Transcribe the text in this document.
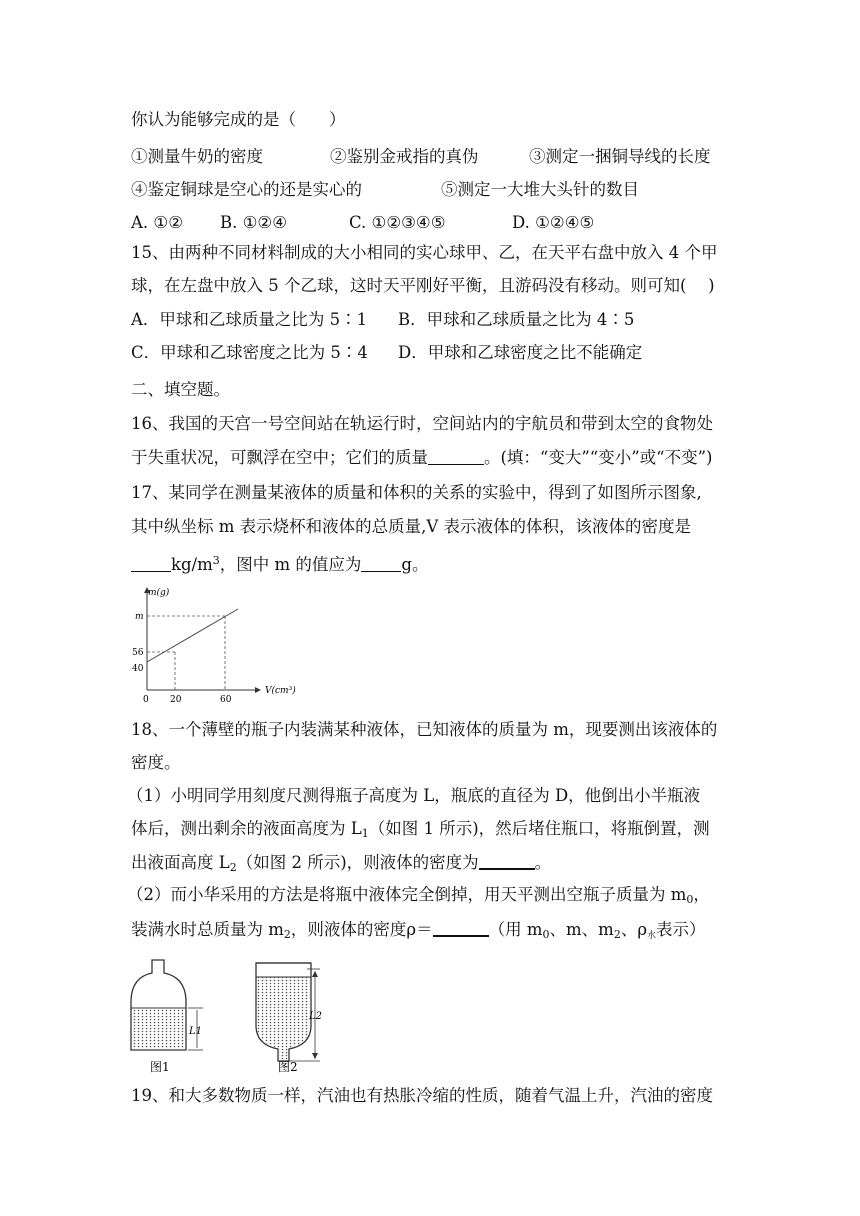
你认为能够完成的是（　　）
①测量牛奶的密度	②鉴别金戒指的真伪	③测定一捆铜导线的长度
④鉴定铜球是空心的还是实心的	⑤测定一大堆大头针的数目
A. ①② B. ①②④	C. ①②③④⑤	D. ①②④⑤
15、由两种不同材料制成的大小相同的实心球甲、乙，在天平右盘中放入 4 个甲
球，在左盘中放入 5 个乙球，这时天平刚好平衡，且游码没有移动。则可知(　 )
A．甲球和乙球质量之比为 5∶1 B．甲球和乙球质量之比为 4∶5
C．甲球和乙球密度之比为 5∶4 D．甲球和乙球密度之比不能确定
二、填空题。
16、我国的天宫一号空间站在轨运行时，空间站内的宇航员和带到太空的食物处
于失重状况，可飘浮在空中；它们的质量	。(填：“变大”“变小”或“不变”)
17、某同学在测量某液体的质量和体积的关系的实验中，得到了如图所示图象,
其中纵坐标 m 表示烧杯和液体的总质量,V 表示液体的体积，该液体的密度是
$kg/m^3$，图中 m 的值应为 g。
m(g)
V(cm³)
m
56
40
0 20	60
18、一个薄壁的瓶子内装满某种液体，已知液体的质量为 m，现要测出该液体的
密度。
（1）小明同学用刻度尺测得瓶子高度为 L，瓶底的直径为 D，他倒出小半瓶液
体后，测出剩余的液面高度为 $L_1$（如图 1 所示)，然后堵住瓶口，将瓶倒置，测
出液面高度 $L_2$（如图 2 所示)，则液体的密度为	。
（2）而小华采用的方法是将瓶中液体完全倒掉，用天平测出空瓶子质量为 $m_0$，
装满水时总质量为 $m_2$，则液体的密度ρ＝	（用 $m_0$、m、$m_2$、$\rho_水$表示）
L1
图1
L2
图2
19、和大多数物质一样，汽油也有热胀冷缩的性质，随着气温上升，汽油的密度
